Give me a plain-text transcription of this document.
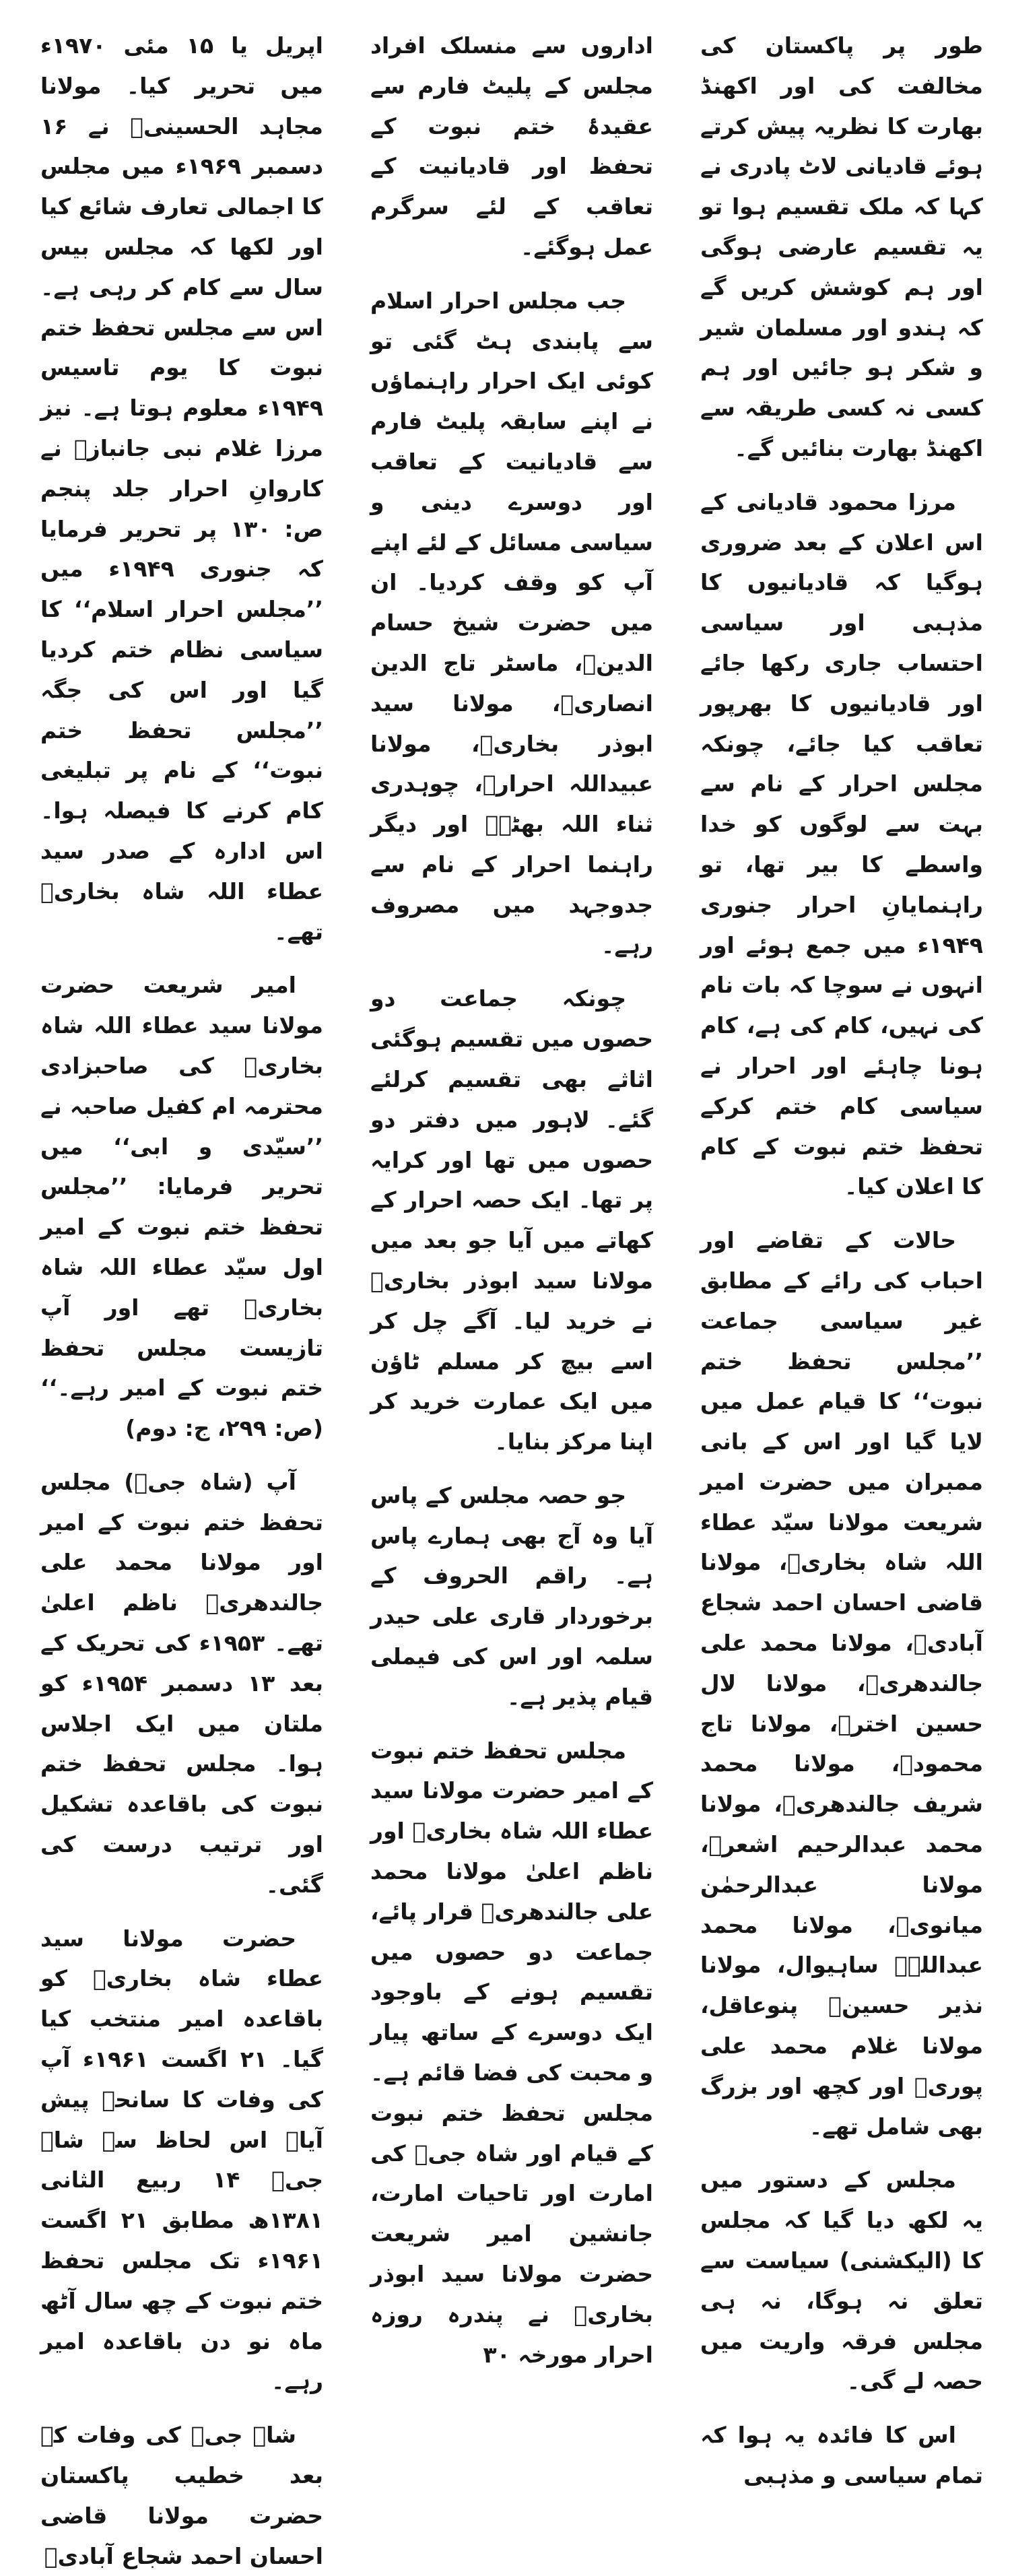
طور پر پاکستان کی مخالفت کی اور اکھنڈ بھارت کا نظریہ پیش کرتے ہوئے قادیانی لاٹ پادری نے کہا کہ ملک تقسیم ہوا تو یہ تقسیم عارضی ہوگی اور ہم کوشش کریں گے کہ ہندو اور مسلمان شیر و شکر ہو جائیں اور ہم کسی نہ کسی طریقہ سے اکھنڈ بھارت بنائیں گے۔

مرزا محمود قادیانی کے اس اعلان کے بعد ضروری ہوگیا کہ قادیانیوں کا مذہبی اور سیاسی احتساب جاری رکھا جائے اور قادیانیوں کا بھرپور تعاقب کیا جائے، چونکہ مجلس احرار کے نام سے بہت سے لوگوں کو خدا واسطے کا بیر تھا، تو راہنمایانِ احرار جنوری ۱۹۴۹ء میں جمع ہوئے اور انہوں نے سوچا کہ بات نام کی نہیں، کام کی ہے، کام ہونا چاہئے اور احرار نے سیاسی کام ختم کرکے تحفظ ختم نبوت کے کام کا اعلان کیا۔

حالات کے تقاضے اور احباب کی رائے کے مطابق غیر سیاسی جماعت ’’مجلس تحفظ ختم نبوت‘‘ کا قیام عمل میں لایا گیا اور اس کے بانی ممبران میں حضرت امیر شریعت مولانا سیّد عطاء اللہ شاہ بخاریؒ، مولانا قاضی احسان احمد شجاع آبادیؒ، مولانا محمد علی جالندھریؒ، مولانا لال حسین اخترؒ، مولانا تاج محمودؒ، مولانا محمد شریف جالندھریؒ، مولانا محمد عبدالرحیم اشعرؒ، مولانا عبدالرحمٰن میانویؒ، مولانا محمد عبداللہؒ ساہیوال، مولانا نذیر حسینؒ پنوعاقل، مولانا غلام محمد علی پوریؒ اور کچھ اور بزرگ بھی شامل تھے۔

مجلس کے دستور میں یہ لکھ دیا گیا کہ مجلس کا (الیکشنی) سیاست سے تعلق نہ ہوگا، نہ ہی مجلس فرقہ واریت میں حصہ لے گی۔

اس کا فائدہ یہ ہوا کہ تمام سیاسی و مذہبی

اداروں سے منسلک افراد مجلس کے پلیٹ فارم سے عقیدۂ ختم نبوت کے تحفظ اور قادیانیت کے تعاقب کے لئے سرگرم عمل ہوگئے۔

جب مجلس احرار اسلام سے پابندی ہٹ گئی تو کوئی ایک احرار راہنماؤں نے اپنے سابقہ پلیٹ فارم سے قادیانیت کے تعاقب اور دوسرے دینی و سیاسی مسائل کے لئے اپنے آپ کو وقف کردیا۔ ان میں حضرت شیخ حسام الدینؒ، ماسٹر تاج الدین انصاریؒ، مولانا سید ابوذر بخاریؒ، مولانا عبیداللہ احرارؒ، چوہدری ثناء اللہ بھٹہؒ اور دیگر راہنما احرار کے نام سے جدوجہد میں مصروف رہے۔

چونکہ جماعت دو حصوں میں تقسیم ہوگئی اثاثے بھی تقسیم کرلئے گئے۔ لاہور میں دفتر دو حصوں میں تھا اور کرایہ پر تھا۔ ایک حصہ احرار کے کھاتے میں آیا جو بعد میں مولانا سید ابوذر بخاریؒ نے خرید لیا۔ آگے چل کر اسے بیچ کر مسلم ٹاؤن میں ایک عمارت خرید کر اپنا مرکز بنایا۔

جو حصہ مجلس کے پاس آیا وہ آج بھی ہمارے پاس ہے۔ راقم الحروف کے برخوردار قاری علی حیدر سلمہ اور اس کی فیملی قیام پذیر ہے۔

مجلس تحفظ ختم نبوت کے امیر حضرت مولانا سید عطاء اللہ شاہ بخاریؒ اور ناظم اعلیٰ مولانا محمد علی جالندھریؒ قرار پائے، جماعت دو حصوں میں تقسیم ہونے کے باوجود ایک دوسرے کے ساتھ پیار و محبت کی فضا قائم ہے۔ مجلس تحفظ ختم نبوت کے قیام اور شاہ جیؒ کی امارت اور تاحیات امارت، جانشین امیر شریعت حضرت مولانا سید ابوذر بخاریؒ نے پندرہ روزہ احرار مورخہ ۳۰

اپریل یا ۱۵ مئی ۱۹۷۰ء میں تحریر کیا۔ مولانا مجاہد الحسینیؒ نے ۱۶ دسمبر ۱۹۶۹ء میں مجلس کا اجمالی تعارف شائع کیا اور لکھا کہ مجلس بیس سال سے کام کر رہی ہے۔ اس سے مجلس تحفظ ختم نبوت کا یوم تاسیس ۱۹۴۹ء معلوم ہوتا ہے۔ نیز مرزا غلام نبی جانبازؒ نے کاروانِ احرار جلد پنجم ص: ۱۳۰ پر تحریر فرمایا کہ جنوری ۱۹۴۹ء میں ’’مجلس احرار اسلام‘‘ کا سیاسی نظام ختم کردیا گیا اور اس کی جگہ ’’مجلس تحفظ ختم نبوت‘‘ کے نام پر تبلیغی کام کرنے کا فیصلہ ہوا۔ اس ادارہ کے صدر سید عطاء اللہ شاہ بخاریؒ تھے۔

امیر شریعت حضرت مولانا سید عطاء اللہ شاہ بخاریؒ کی صاحبزادی محترمہ ام کفیل صاحبہ نے ’’سیّدی و ابی‘‘ میں تحریر فرمایا: ’’مجلس تحفظ ختم نبوت کے امیر اول سیّد عطاء اللہ شاہ بخاریؒ تھے اور آپ تازیست مجلس تحفظ ختم نبوت کے امیر رہے۔‘‘ (ص: ۲۹۹، ج: دوم)

آپ (شاہ جیؒ) مجلس تحفظ ختم نبوت کے امیر اور مولانا محمد علی جالندھریؒ ناظم اعلیٰ تھے۔ ۱۹۵۳ء کی تحریک کے بعد ۱۳ دسمبر ۱۹۵۴ء کو ملتان میں ایک اجلاس ہوا۔ مجلس تحفظ ختم نبوت کی باقاعدہ تشکیل اور ترتیب درست کی گئی۔

حضرت مولانا سید عطاء شاہ بخاریؒ کو باقاعدہ امیر منتخب کیا گیا۔ ۲۱ اگست ۱۹۶۱ء آپ کی وفات کا سانحہ پیش آیا۔ اس لحاظ سے شاہ جیؒ ۱۴ ربیع الثانی ۱۳۸۱ھ مطابق ۲۱ اگست ۱۹۶۱ء تک مجلس تحفظ ختم نبوت کے چھ سال آٹھ ماہ نو دن باقاعدہ امیر رہے۔

شاہ جیؒ کی وفات کے بعد خطیب پاکستان حضرت مولانا قاضی احسان احمد شجاع آبادیؒ
